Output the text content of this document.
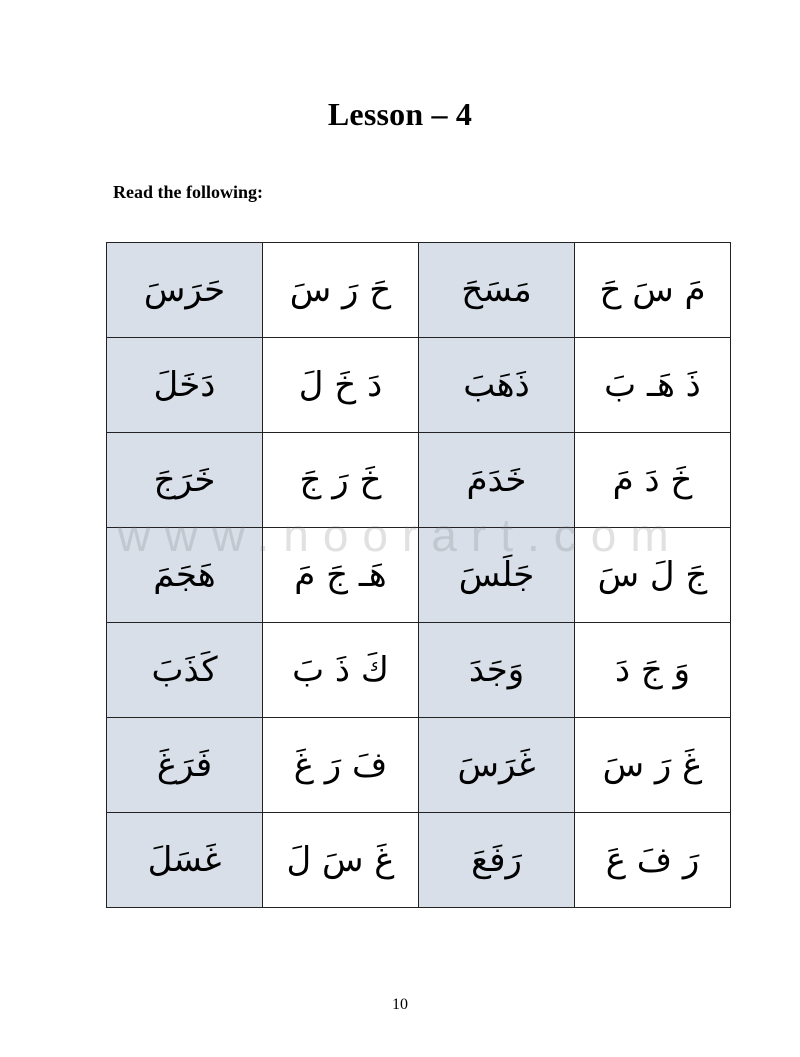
Lesson – 4
Read the following:
حَرَسَ	حَ رَ سَ	مَسَحَ	مَ سَ حَ
دَخَلَ	دَ خَ لَ	ذَهَبَ	ذَ هَـ بَ
خَرَجَ	خَ رَ جَ	خَدَمَ	خَ دَ مَ
هَجَمَ	هَـ جَ مَ	جَلَسَ	جَ لَ سَ
كَذَبَ	كَ ذَ بَ	وَجَدَ	وَ جَ دَ
فَرَغَ	فَ رَ غَ	غَرَسَ	غَ رَ سَ
غَسَلَ	غَ سَ لَ	رَفَعَ	رَ فَ عَ
www.noorart.com
10
